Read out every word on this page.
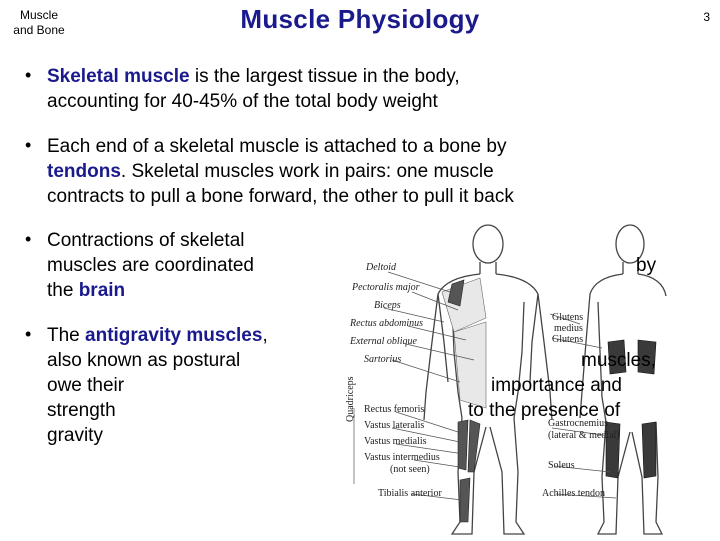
Muscle
and Bone	Muscle Physiology	3
• Skeletal muscle is the largest tissue in the body,
accounting for 40-45% of the total body weight
• Each end of a skeletal muscle is attached to a bone by
tendons. Skeletal muscles work in pairs: one muscle
contracts to pull a bone forward, the other to pull it back
• Contractions of skeletal
muscles are coordinated
the brain
• The antigravity muscles,
also known as postural
owe their
strength
gravity
Deltoid
Pectoralis major
Biceps
Rectus abdominus
External oblique
Sartorius
Rectus femoris
Vastus lateralis
Vastus medialis
Vastus intermedius
(not seen)
Tibialis anterior
Quadriceps
Glutens
medius
Glutens
Gastrocnemius
(lateral & medial)
Soleus
Achilles tendon
by
muscles,
importance and
to the presence of
